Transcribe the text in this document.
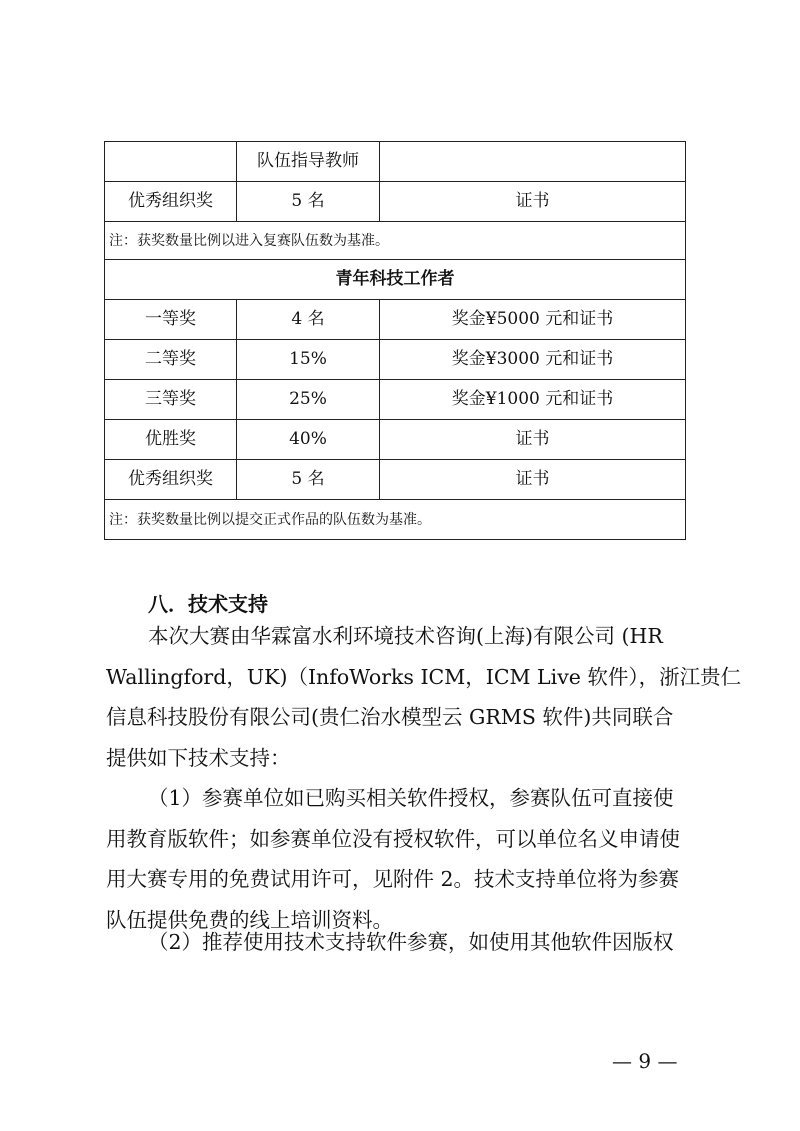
	队伍指导教师	
优秀组织奖	5 名	证书
注：获奖数量比例以进入复赛队伍数为基准。		
青年科技工作者		
一等奖	4 名	奖金¥5000 元和证书
二等奖	15%	奖金¥3000 元和证书
三等奖	25%	奖金¥1000 元和证书
优胜奖	40%	证书
优秀组织奖	5 名	证书
注：获奖数量比例以提交正式作品的队伍数为基准。		
八．技术支持
本次大赛由华霖富水利环境技术咨询(上海)有限公司 (HR
Wallingford，UK)（InfoWorks ICM，ICM Live 软件），浙江贵仁
信息科技股份有限公司(贵仁治水模型云 GRMS 软件)共同联合
提供如下技术支持：
（1）参赛单位如已购买相关软件授权，参赛队伍可直接使
用教育版软件；如参赛单位没有授权软件，可以单位名义申请使
用大赛专用的免费试用许可，见附件 2。技术支持单位将为参赛
队伍提供免费的线上培训资料。
（2）推荐使用技术支持软件参赛，如使用其他软件因版权
— 9 —
